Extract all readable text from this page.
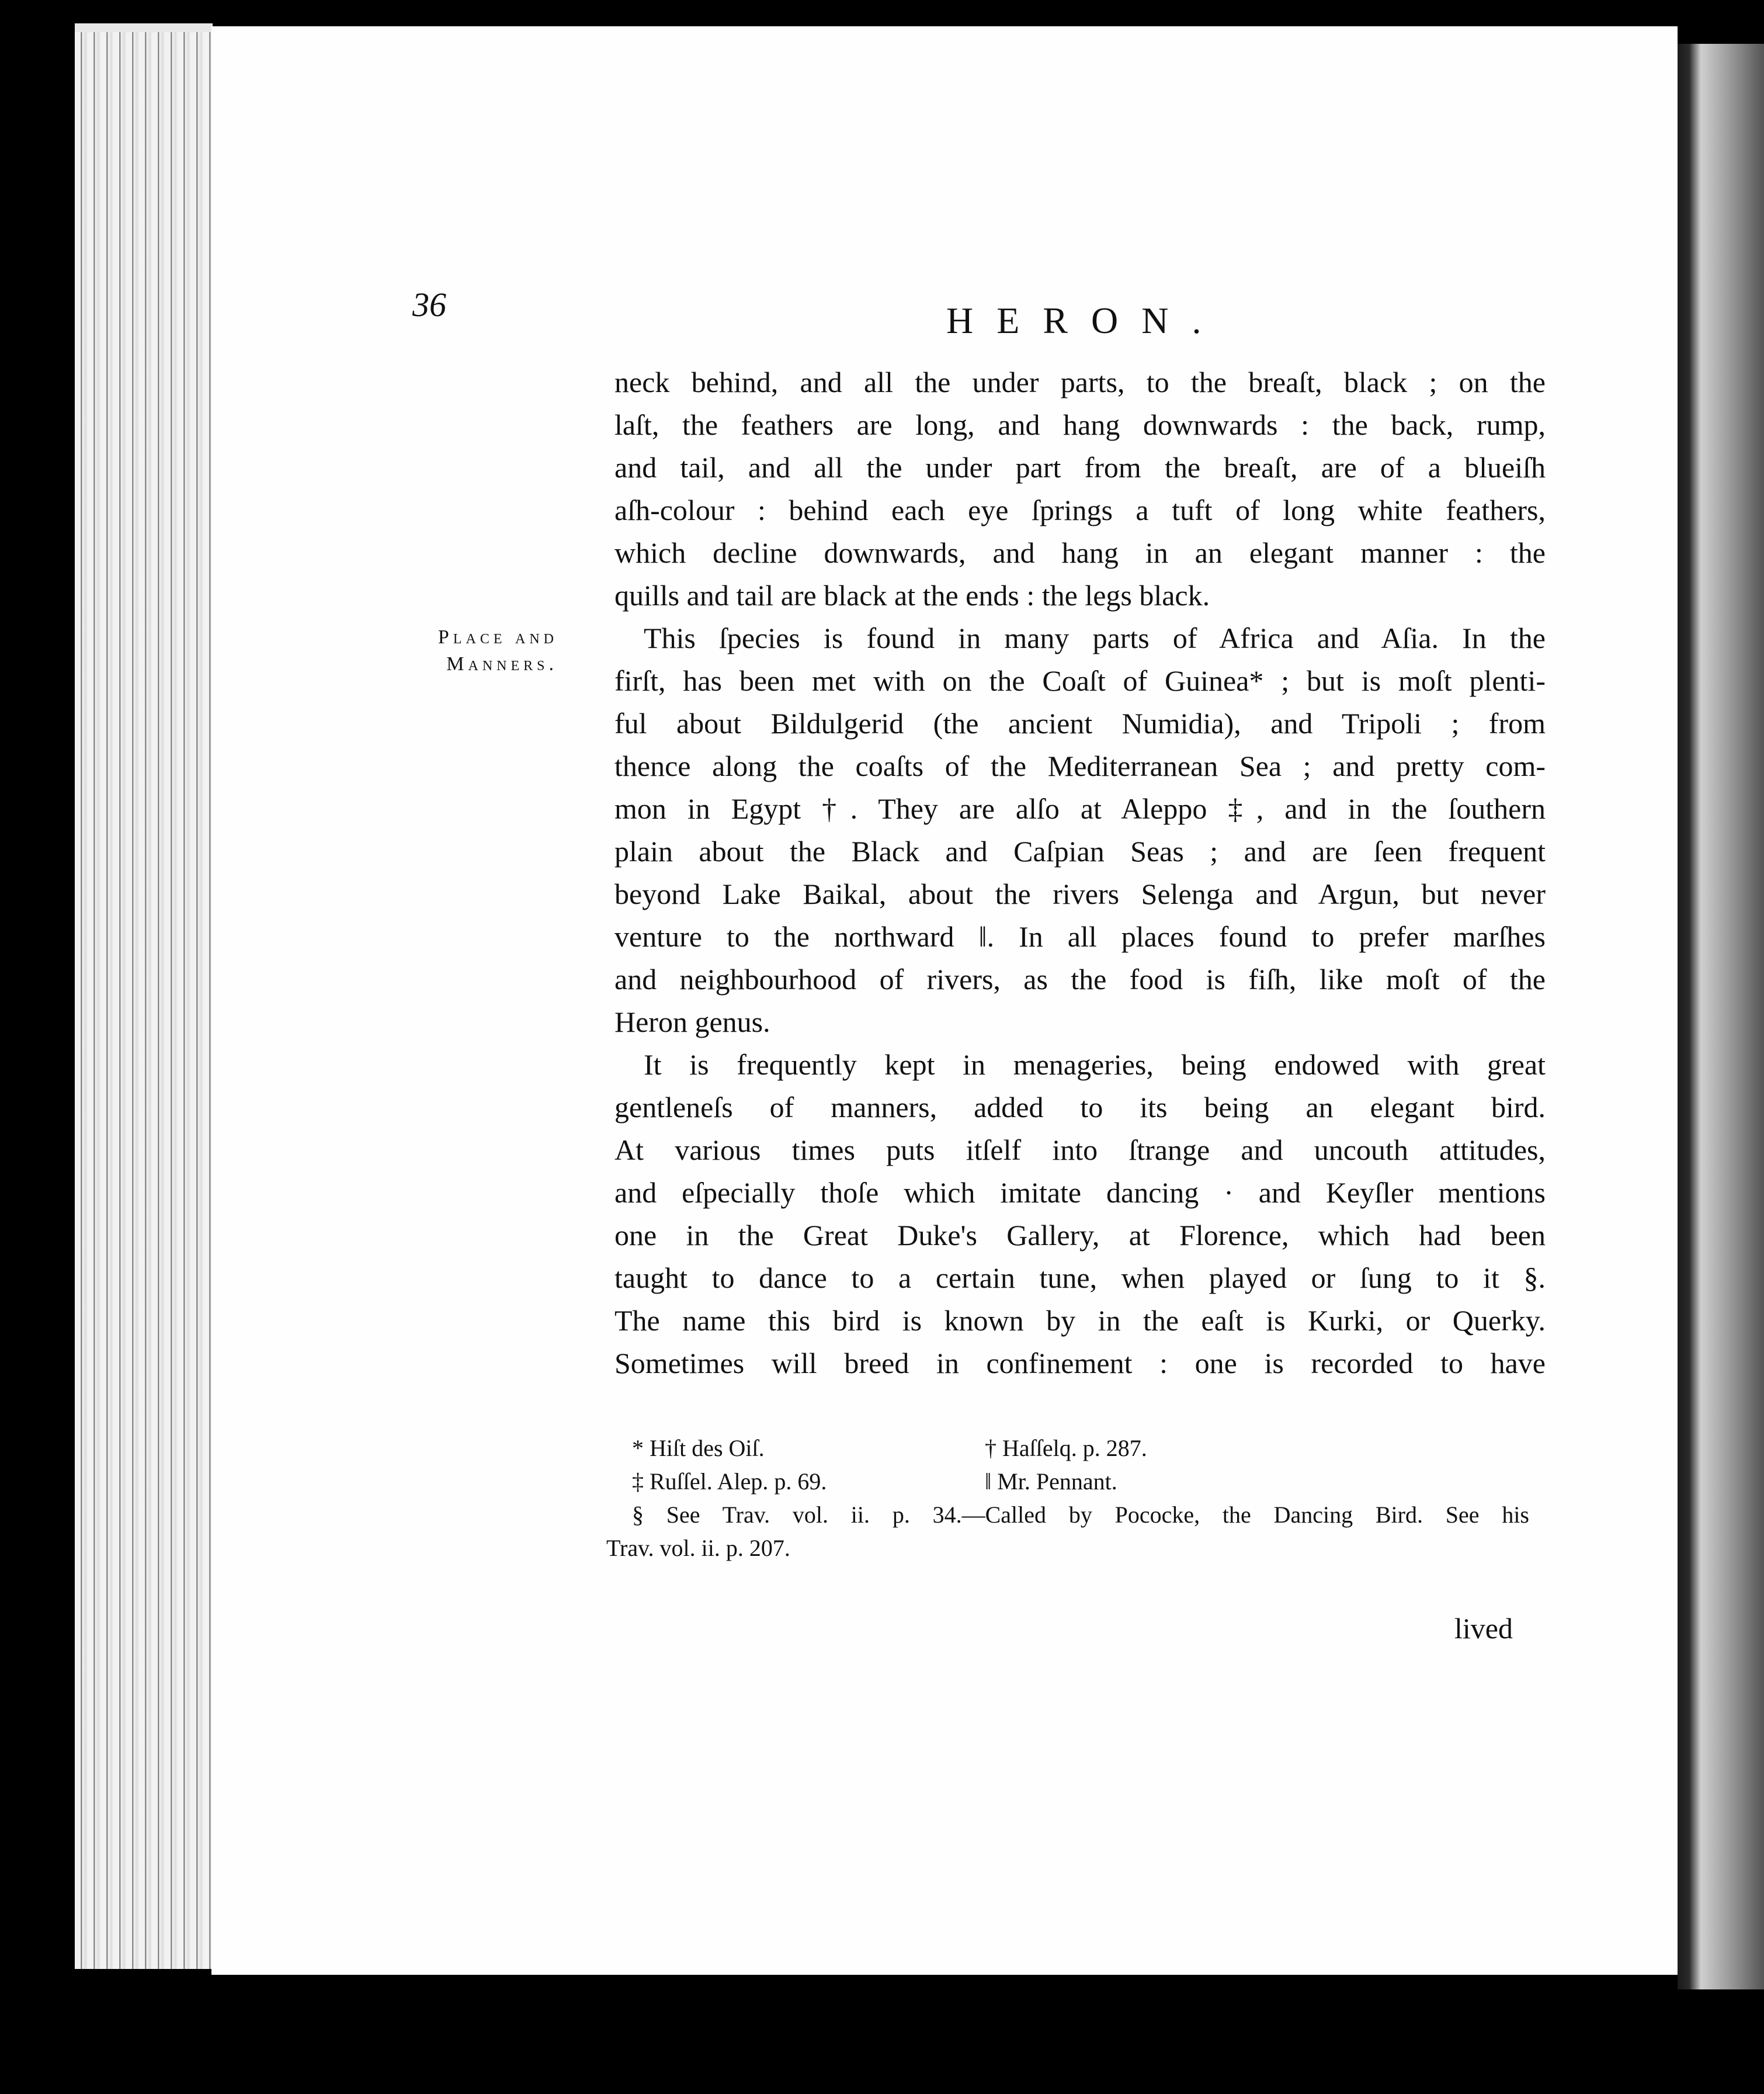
36	HERON.
Place and
Manners.
neck behind, and all the under parts, to the breaſt, black ; on the
laſt, the feathers are long, and hang downwards : the back, rump,
and tail, and all the under part from the breaſt, are of a blueiſh
aſh-colour : behind each eye ſprings a tuft of long white feathers,
which decline downwards, and hang in an elegant manner : the
quills and tail are black at the ends : the legs black.
This ſpecies is found in many parts of Africa and Aſia. In the
firſt, has been met with on the Coaſt of Guinea* ; but is moſt plenti-
ful about Bildulgerid (the ancient Numidia), and Tripoli ; from
thence along the coaſts of the Mediterranean Sea ; and pretty com-
mon in Egypt †. They are alſo at Aleppo ‡, and in the ſouthern
plain about the Black and Caſpian Seas ; and are ſeen frequent
beyond Lake Baikal, about the rivers Selenga and Argun, but never
venture to the northward ‖. In all places found to prefer marſhes
and neighbourhood of rivers, as the food is fiſh, like moſt of the
Heron genus.
It is frequently kept in menageries, being endowed with great
gentleneſs of manners, added to its being an elegant bird.
At various times puts itſelf into ſtrange and uncouth attitudes,
and eſpecially thoſe which imitate dancing · and Keyſler mentions
one in the Great Duke's Gallery, at Florence, which had been
taught to dance to a certain tune, when played or ſung to it §.
The name this bird is known by in the eaſt is Kurki, or Querky.
Sometimes will breed in confinement : one is recorded to have
* Hiſt des Oiſ.	† Haſſelq. p. 287.
‡ Ruſſel. Alep. p. 69.	‖ Mr. Pennant.
§ See Trav. vol. ii. p. 34.—Called by Pococke, the Dancing Bird. See his
Trav. vol. ii. p. 207.
lived
